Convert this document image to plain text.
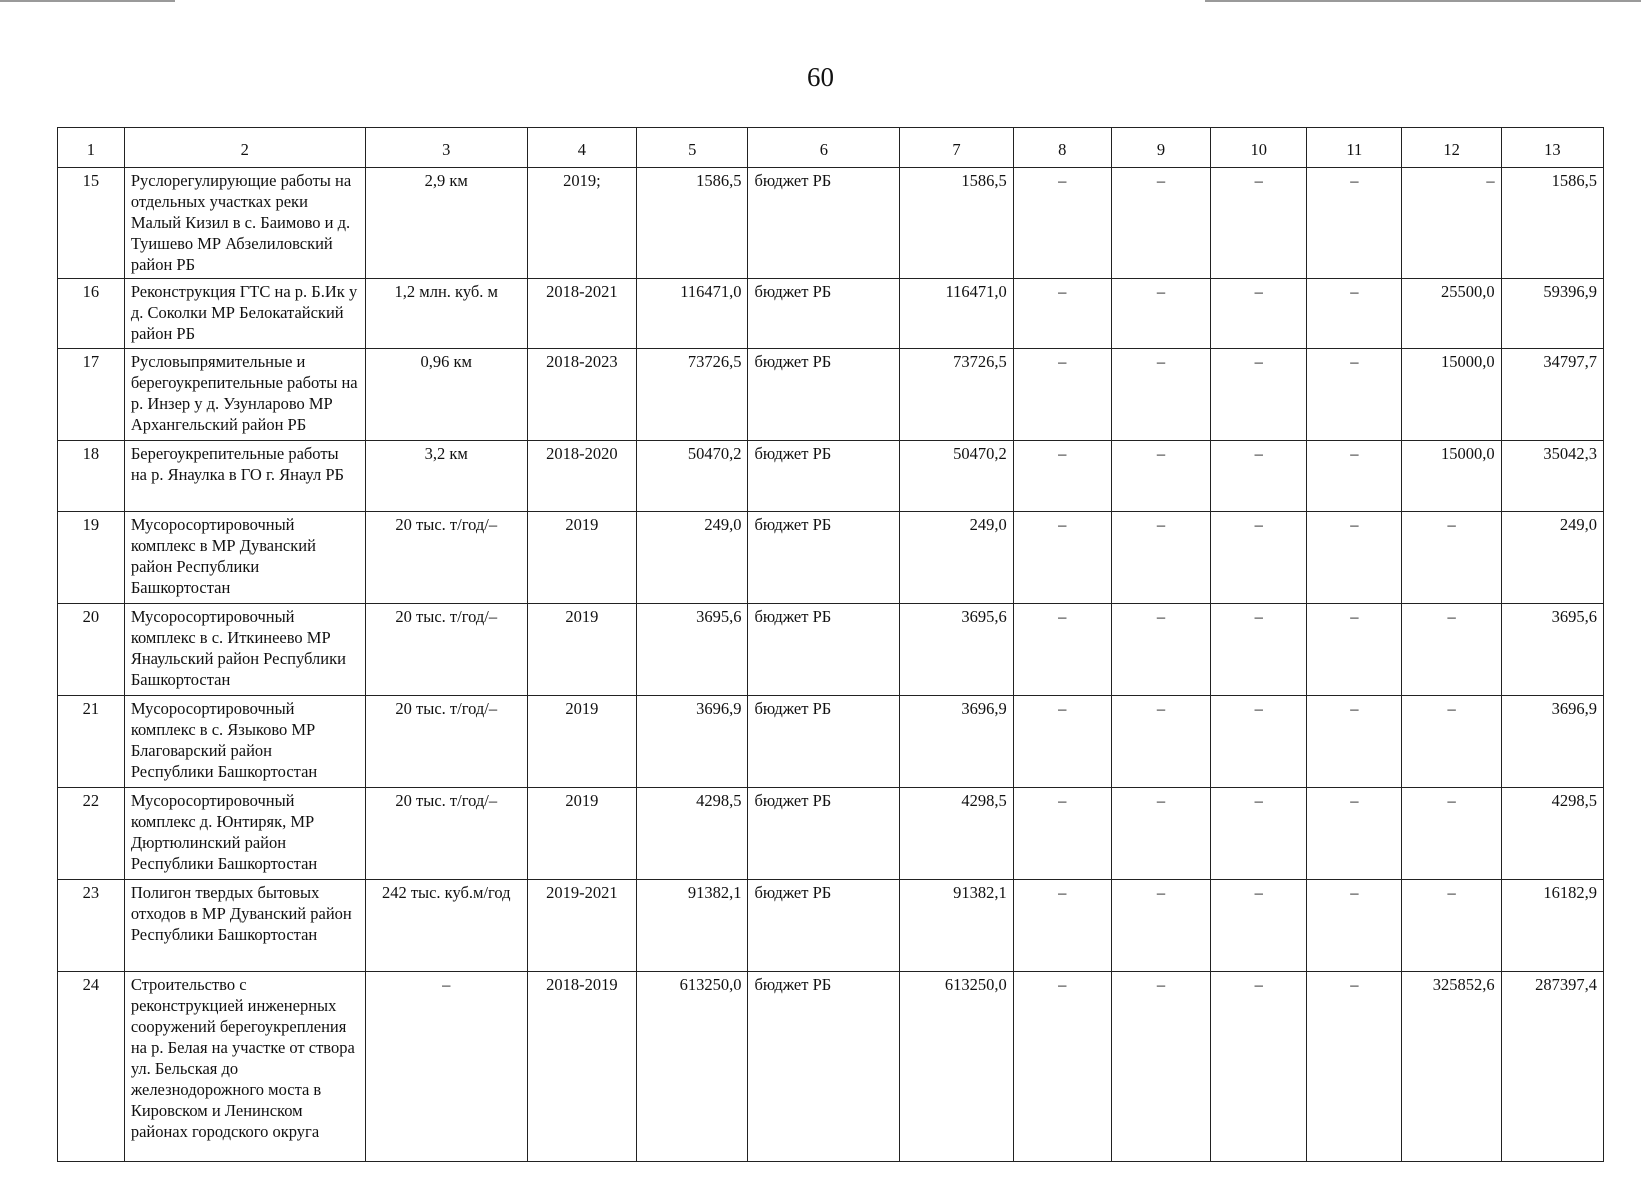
60
1	2	3	4	5	6	7	8	9	10	11	12	13
15	Руслорегулирующие работы на отдельных участках реки Малый Кизил в с. Баимово и д. Туишево МР Абзелиловский район РБ	2,9 км	2019;	1586,5	бюджет РБ	1586,5	–	–	–	–	–	1586,5
16	Реконструкция ГТС на р. Б.Ик у д. Соколки МР Белокатайский район РБ	1,2 млн. куб. м	2018-2021	116471,0	бюджет РБ	116471,0	–	–	–	–	25500,0	59396,9
17	Русловыпрямительные и берегоукрепительные работы на р. Инзер у д. Узунларово МР Архангельский район РБ	0,96 км	2018-2023	73726,5	бюджет РБ	73726,5	–	–	–	–	15000,0	34797,7
18	Берегоукрепительные работы на р. Янаулка в ГО г. Янаул РБ	3,2 км	2018-2020	50470,2	бюджет РБ	50470,2	–	–	–	–	15000,0	35042,3
19	Мусоросортировочный комплекс в МР Дуванский район Республики Башкортостан	20 тыс. т/год/–	2019	249,0	бюджет РБ	249,0	–	–	–	–	–	249,0
20	Мусоросортировочный комплекс в с. Иткинеево МР Янаульский район Республики Башкортостан	20 тыс. т/год/–	2019	3695,6	бюджет РБ	3695,6	–	–	–	–	–	3695,6
21	Мусоросортировочный комплекс в с. Языково МР Благоварский район Республики Башкортостан	20 тыс. т/год/–	2019	3696,9	бюджет РБ	3696,9	–	–	–	–	–	3696,9
22	Мусоросортировочный комплекс д. Юнтиряк, МР Дюртюлинский район Республики Башкортостан	20 тыс. т/год/–	2019	4298,5	бюджет РБ	4298,5	–	–	–	–	–	4298,5
23	Полигон твердых бытовых отходов в МР Дуванский район Республики Башкортостан	242 тыс. куб.м/год	2019-2021	91382,1	бюджет РБ	91382,1	–	–	–	–	–	16182,9
24	Строительство с реконструкцией инженерных сооружений берегоукрепления на р. Белая на участке от створа ул. Бельская до железнодорожного моста в Кировском и Ленинском районах городского округа	–	2018-2019	613250,0	бюджет РБ	613250,0	–	–	–	–	325852,6	287397,4
